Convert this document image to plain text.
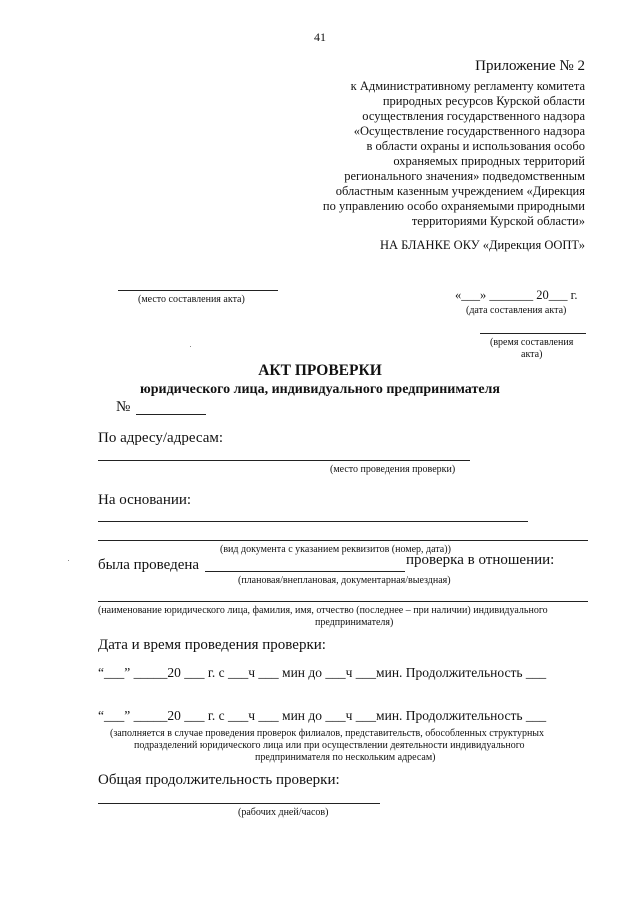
41
Приложение № 2
к Административному регламенту комитета
природных ресурсов Курской области
осуществления государственного надзора
«Осуществление государственного надзора
в области охраны и использования особо
охраняемых природных территорий
регионального значения» подведомственным
областным казенным учреждением «Дирекция
по управлению особо охраняемыми природными
территориями Курской области»
НА БЛАНКЕ ОКУ «Дирекция ООПТ»
(место составления акта)	«___» _______ 20___ г.
(дата составления акта)
(время составления
акта)
АКТ ПРОВЕРКИ
юридического лица, индивидуального предпринимателя
№
По адресу/адресам:
(место проведения проверки)
На основании:
(вид документа с указанием реквизитов (номер, дата))
была проведена	проверка в отношении:
(плановая/внеплановая, документарная/выездная)
(наименование юридического лица, фамилия, имя, отчество (последнее – при наличии) индивидуального
предпринимателя)
Дата и время проведения проверки:
“___” _____20 ___ г. с ___ч ___ мин до ___ч ___мин. Продолжительность ___
“___” _____20 ___ г. с ___ч ___ мин до ___ч ___мин. Продолжительность ___
(заполняется в случае проведения проверок филиалов, представительств, обособленных структурных
подразделений юридического лица или при осуществлении деятельности индивидуального
предпринимателя по нескольким адресам)
Общая продолжительность проверки:
(рабочих дней/часов)
